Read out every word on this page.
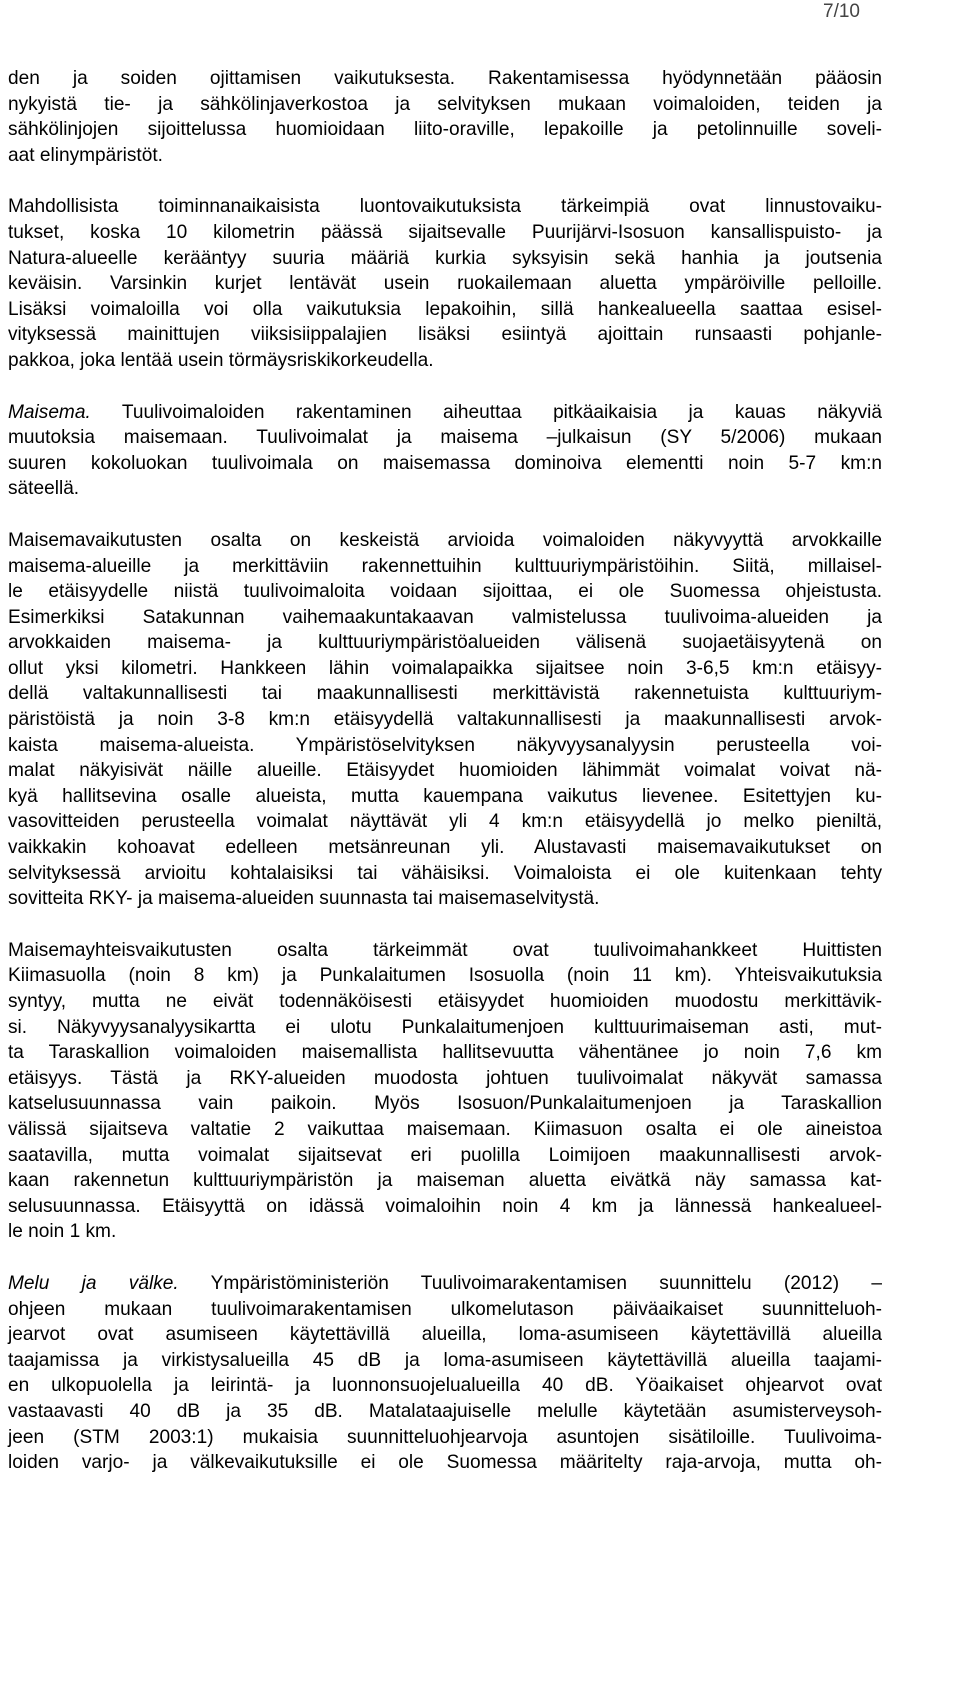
7/10
den ja soiden ojittamisen vaikutuksesta. Rakentamisessa hyödynnetään pääosin
nykyistä tie- ja sähkölinjaverkostoa ja selvityksen mukaan voimaloiden, teiden ja
sähkölinjojen sijoittelussa huomioidaan liito-oraville, lepakoille ja petolinnuille soveli-
aat elinympäristöt.
Mahdollisista toiminnanaikaisista luontovaikutuksista tärkeimpiä ovat linnustovaiku-
tukset, koska 10 kilometrin päässä sijaitsevalle Puurijärvi-Isosuon kansallispuisto- ja
Natura-alueelle kerääntyy suuria määriä kurkia syksyisin sekä hanhia ja joutsenia
keväisin. Varsinkin kurjet lentävät usein ruokailemaan aluetta ympäröiville pelloille.
Lisäksi voimaloilla voi olla vaikutuksia lepakoihin, sillä hankealueella saattaa esisel-
vityksessä mainittujen viiksisiippalajien lisäksi esiintyä ajoittain runsaasti pohjanle-
pakkoa, joka lentää usein törmäysriskikorkeudella.
Maisema. Tuulivoimaloiden rakentaminen aiheuttaa pitkäaikaisia ja kauas näkyviä
muutoksia maisemaan. Tuulivoimalat ja maisema –julkaisun (SY 5/2006) mukaan
suuren kokoluokan tuulivoimala on maisemassa dominoiva elementti noin 5-7 km:n
säteellä.
Maisemavaikutusten osalta on keskeistä arvioida voimaloiden näkyvyyttä arvokkaille
maisema-alueille ja merkittäviin rakennettuihin kulttuuriympäristöihin. Siitä, millaisel-
le etäisyydelle niistä tuulivoimaloita voidaan sijoittaa, ei ole Suomessa ohjeistusta.
Esimerkiksi Satakunnan vaihemaakuntakaavan valmistelussa tuulivoima-alueiden ja
arvokkaiden maisema- ja kulttuuriympäristöalueiden välisenä suojaetäisyytenä on
ollut yksi kilometri. Hankkeen lähin voimalapaikka sijaitsee noin 3-6,5 km:n etäisyy-
dellä valtakunnallisesti tai maakunnallisesti merkittävistä rakennetuista kulttuuriym-
päristöistä ja noin 3-8 km:n etäisyydellä valtakunnallisesti ja maakunnallisesti arvok-
kaista maisema-alueista. Ympäristöselvityksen näkyvyysanalyysin perusteella voi-
malat näkyisivät näille alueille. Etäisyydet huomioiden lähimmät voimalat voivat nä-
kyä hallitsevina osalle alueista, mutta kauempana vaikutus lievenee. Esitettyjen ku-
vasovitteiden perusteella voimalat näyttävät yli 4 km:n etäisyydellä jo melko pieniltä,
vaikkakin kohoavat edelleen metsänreunan yli. Alustavasti maisemavaikutukset on
selvityksessä arvioitu kohtalaisiksi tai vähäisiksi. Voimaloista ei ole kuitenkaan tehty
sovitteita RKY- ja maisema-alueiden suunnasta tai maisemaselvitystä.
Maisemayhteisvaikutusten osalta tärkeimmät ovat tuulivoimahankkeet Huittisten
Kiimasuolla (noin 8 km) ja Punkalaitumen Isosuolla (noin 11 km). Yhteisvaikutuksia
syntyy, mutta ne eivät todennäköisesti etäisyydet huomioiden muodostu merkittävik-
si. Näkyvyysanalyysikartta ei ulotu Punkalaitumenjoen kulttuurimaiseman asti, mut-
ta Taraskallion voimaloiden maisemallista hallitsevuutta vähentänee jo noin 7,6 km
etäisyys. Tästä ja RKY-alueiden muodosta johtuen tuulivoimalat näkyvät samassa
katselusuunnassa vain paikoin. Myös Isosuon/Punkalaitumenjoen ja Taraskallion
välissä sijaitseva valtatie 2 vaikuttaa maisemaan. Kiimasuon osalta ei ole aineistoa
saatavilla, mutta voimalat sijaitsevat eri puolilla Loimijoen maakunnallisesti arvok-
kaan rakennetun kulttuuriympäristön ja maiseman aluetta eivätkä näy samassa kat-
selusuunnassa. Etäisyyttä on idässä voimaloihin noin 4 km ja lännessä hankealueel-
le noin 1 km.
Melu ja välke. Ympäristöministeriön Tuulivoimarakentamisen suunnittelu (2012) –
ohjeen mukaan tuulivoimarakentamisen ulkomelutason päiväaikaiset suunnitteluoh-
jearvot ovat asumiseen käytettävillä alueilla, loma-asumiseen käytettävillä alueilla
taajamissa ja virkistysalueilla 45 dB ja loma-asumiseen käytettävillä alueilla taajami-
en ulkopuolella ja leirintä- ja luonnonsuojelualueilla 40 dB. Yöaikaiset ohjearvot ovat
vastaavasti 40 dB ja 35 dB. Matalataajuiselle melulle käytetään asumisterveysoh-
jeen (STM 2003:1) mukaisia suunnitteluohjearvoja asuntojen sisätiloille. Tuulivoima-
loiden varjo- ja välkevaikutuksille ei ole Suomessa määritelty raja-arvoja, mutta oh-
